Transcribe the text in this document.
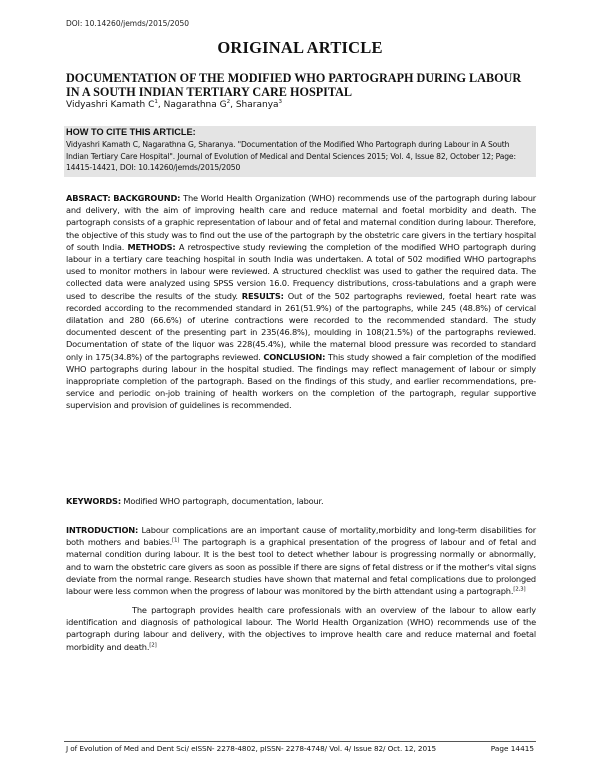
DOI: 10.14260/jemds/2015/2050
ORIGINAL ARTICLE
DOCUMENTATION OF THE MODIFIED WHO PARTOGRAPH DURING LABOUR IN A SOUTH INDIAN TERTIARY CARE HOSPITAL
Vidyashri Kamath $C^1$, Nagarathna $G^2$, Sharanya$^3$
HOW TO CITE THIS ARTICLE:
Vidyashri Kamath C, Nagarathna G, Sharanya. "Documentation of the Modified Who Partograph during Labour in A South Indian Tertiary Care Hospital". Journal of Evolution of Medical and Dental Sciences 2015; Vol. 4, Issue 82, October 12; Page: 14415-14421, DOI: 10.14260/jemds/2015/2050
ABSRACT: BACKGROUND: The World Health Organization (WHO) recommends use of the partograph during labour and delivery, with the aim of improving health care and reduce maternal and foetal morbidity and death. The partograph consists of a graphic representation of labour and of fetal and maternal condition during labour. Therefore, the objective of this study was to find out the use of the partograph by the obstetric care givers in the tertiary hospital of south India. METHODS: A retrospective study reviewing the completion of the modified WHO partograph during labour in a tertiary care teaching hospital in south India was undertaken. A total of 502 modified WHO partographs used to monitor mothers in labour were reviewed. A structured checklist was used to gather the required data. The collected data were analyzed using SPSS version 16.0. Frequency distributions, cross-tabulations and a graph were used to describe the results of the study. RESULTS: Out of the 502 partographs reviewed, foetal heart rate was recorded according to the recommended standard in 261(51.9%) of the partographs, while 245 (48.8%) of cervical dilatation and 280 (66.6%) of uterine contractions were recorded to the recommended standard. The study documented descent of the presenting part in 235(46.8%), moulding in 108(21.5%) of the partographs reviewed. Documentation of state of the liquor was 228(45.4%), while the maternal blood pressure was recorded to standard only in 175(34.8%) of the partographs reviewed. CONCLUSION: This study showed a fair completion of the modified WHO partographs during labour in the hospital studied. The findings may reflect management of labour or simply inappropriate completion of the partograph. Based on the findings of this study, and earlier recommendations, pre-service and periodic on-job training of health workers on the completion of the partograph, regular supportive supervision and provision of guidelines is recommended.
KEYWORDS: Modified WHO partograph, documentation, labour.
INTRODUCTION: Labour complications are an important cause of mortality,morbidity and long-term disabilities for both mothers and babies.[1] The partograph is a graphical presentation of the progress of labour and of fetal and maternal condition during labour. It is the best tool to detect whether labour is progressing normally or abnormally, and to warn the obstetric care givers as soon as possible if there are signs of fetal distress or if the mother's vital signs deviate from the normal range. Research studies have shown that maternal and fetal complications due to prolonged labour were less common when the progress of labour was monitored by the birth attendant using a partograph.[2,3]
The partograph provides health care professionals with an overview of the labour to allow early identification and diagnosis of pathological labour. The World Health Organization (WHO) recommends use of the partograph during labour and delivery, with the objectives to improve health care and reduce maternal and foetal morbidity and death.[2]
J of Evolution of Med and Dent Sci/ eISSN- 2278-4802, pISSN- 2278-4748/ Vol. 4/ Issue 82/ Oct. 12, 2015	Page 14415
